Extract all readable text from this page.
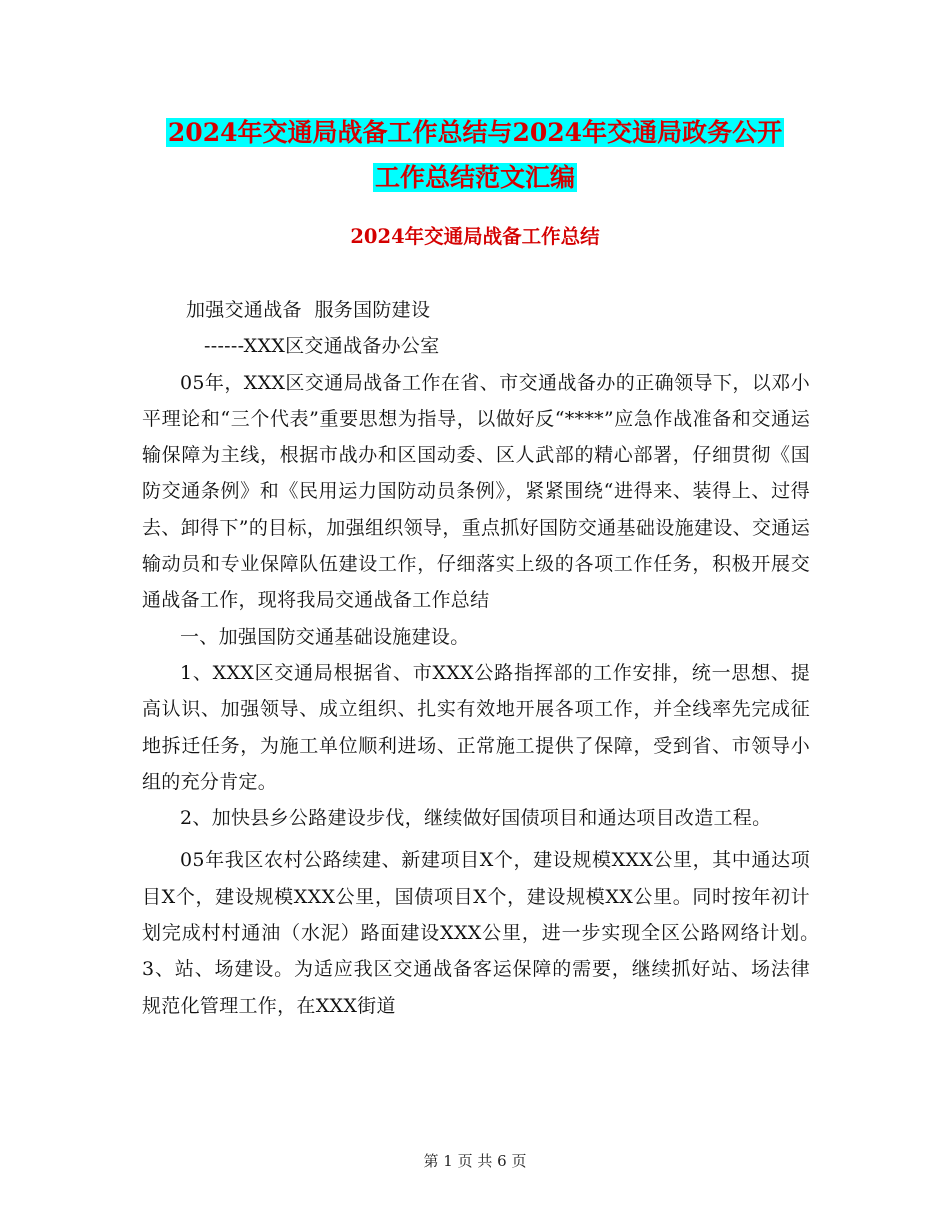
2024年交通局战备工作总结与2024年交通局政务公开
工作总结范文汇编
2024年交通局战备工作总结

加强交通战备  服务国防建设

------XXX区交通战备办公室

05年，XXX区交通局战备工作在省、市交通战备办的正确领导下，以邓小平理论和“三个代表”重要思想为指导，以做好反“****”应急作战准备和交通运输保障为主线，根据市战办和区国动委、区人武部的精心部署，仔细贯彻《国防交通条例》和《民用运力国防动员条例》，紧紧围绕“进得来、装得上、过得去、卸得下”的目标，加强组织领导，重点抓好国防交通基础设施建设、交通运输动员和专业保障队伍建设工作，仔细落实上级的各项工作任务，积极开展交通战备工作，现将我局交通战备工作总结

一、加强国防交通基础设施建设。

1、XXX区交通局根据省、市XXX公路指挥部的工作安排，统一思想、提高认识、加强领导、成立组织、扎实有效地开展各项工作，并全线率先完成征地拆迁任务，为施工单位顺利进场、正常施工提供了保障，受到省、市领导小组的充分肯定。

2、加快县乡公路建设步伐，继续做好国债项目和通达项目改造工程。

05年我区农村公路续建、新建项目X个，建设规模XXX公里，其中通达项目X个，建设规模XXX公里，国债项目X个，建设规模XX公里。同时按年初计划完成村村通油（水泥）路面建设XXX公里，进一步实现全区公路网络计划。　　3、站、场建设。为适应我区交通战备客运保障的需要，继续抓好站、场法律规范化管理工作，在XXX街道

第 1 页 共 6 页
